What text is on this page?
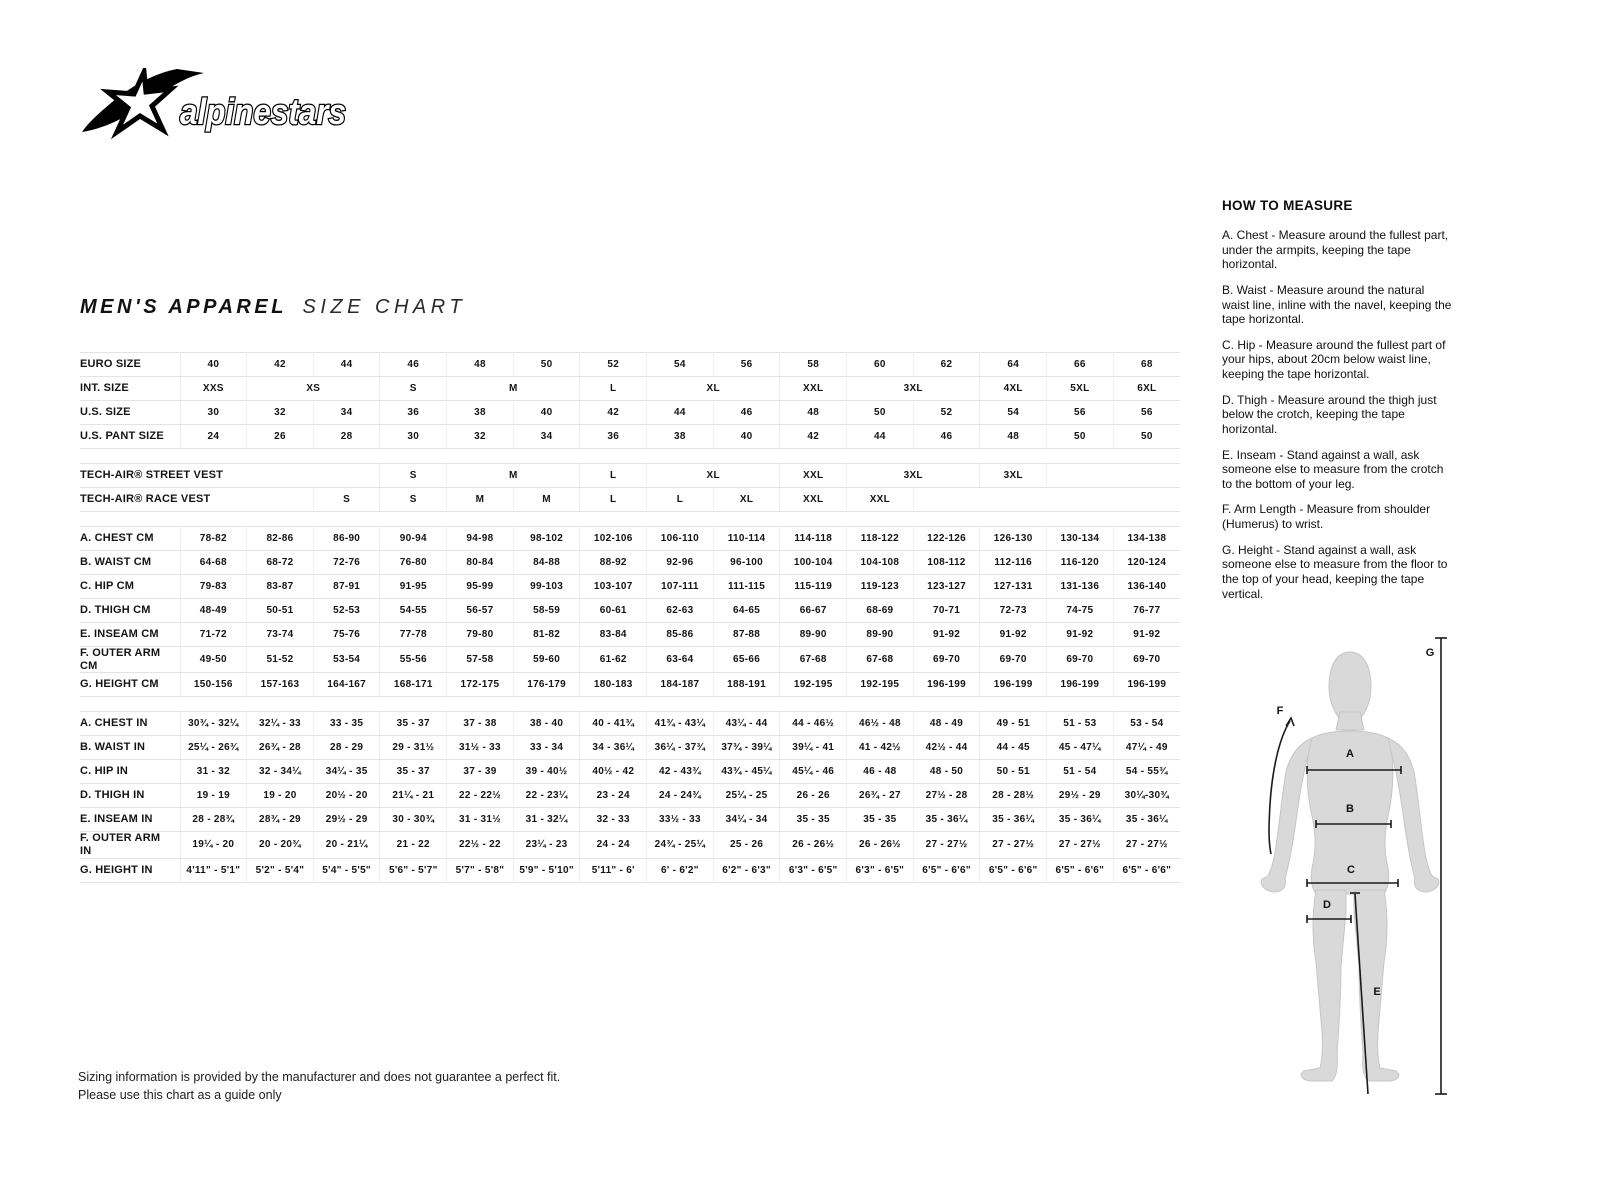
alpinestars
MEN'S APPAREL SIZE CHART
EURO SIZE	40	42	44	46	48	50	52	54	56	58	60	62	64	66	68
INT. SIZE	XXS	XS		S	M		L	XL		XXL	3XL		4XL	5XL	6XL
U.S. SIZE	30	32	34	36	38	40	42	44	46	48	50	52	54	56	56
U.S. PANT SIZE	24	26	28	30	32	34	36	38	40	42	44	46	48	50	50

TECH-AIR® STREET VEST				S	M		L	XL		XXL	3XL		3XL		
TECH-AIR® RACE VEST			S	S	M	M	L	L	XL	XXL	XXL				

A. CHEST CM	78-82	82-86	86-90	90-94	94-98	98-102	102-106	106-110	110-114	114-118	118-122	122-126	126-130	130-134	134-138
B. WAIST CM	64-68	68-72	72-76	76-80	80-84	84-88	88-92	92-96	96-100	100-104	104-108	108-112	112-116	116-120	120-124
C. HIP CM	79-83	83-87	87-91	91-95	95-99	99-103	103-107	107-111	111-115	115-119	119-123	123-127	127-131	131-136	136-140
D. THIGH CM	48-49	50-51	52-53	54-55	56-57	58-59	60-61	62-63	64-65	66-67	68-69	70-71	72-73	74-75	76-77
E. INSEAM CM	71-72	73-74	75-76	77-78	79-80	81-82	83-84	85-86	87-88	89-90	89-90	91-92	91-92	91-92	91-92
F. OUTER ARM CM	49-50	51-52	53-54	55-56	57-58	59-60	61-62	63-64	65-66	67-68	67-68	69-70	69-70	69-70	69-70
G. HEIGHT CM	150-156	157-163	164-167	168-171	172-175	176-179	180-183	184-187	188-191	192-195	192-195	196-199	196-199	196-199	196-199

A. CHEST IN	30¾ - 32¼	32¼ - 33	33 - 35	35 - 37	37 - 38	38 - 40	40 - 41¾	41¾ - 43¼	43¼ - 44	44 - 46½	46½ - 48	48 - 49	49 - 51	51 - 53	53 - 54
B. WAIST IN	25¼ - 26¾	26¾ - 28	28 - 29	29 - 31½	31½ - 33	33 - 34	34 - 36¼	36¼ - 37¾	37¾ - 39¼	39¼ - 41	41 - 42½	42½ - 44	44 - 45	45 - 47¼	47¼ - 49
C. HIP IN	31 - 32	32 - 34¼	34¼ - 35	35 - 37	37 - 39	39 - 40½	40½ - 42	42 - 43¾	43¾ - 45¼	45¼ - 46	46 - 48	48 - 50	50 - 51	51 - 54	54 - 55¾
D. THIGH IN	19 - 19	19 - 20	20½ - 20	21¼ - 21	22 - 22½	22 - 23¼	23 - 24	24 - 24¾	25¼ - 25	26 - 26	26¾ - 27	27½ - 28	28 - 28½	29½ - 29	30¼-30¾
E. INSEAM IN	28 - 28¾	28¾ - 29	29½ - 29	30 - 30¾	31 - 31½	31 - 32¼	32 - 33	33½ - 33	34¼ - 34	35 - 35	35 - 35	35 - 36¼	35 - 36¼	35 - 36¼	35 - 36¼
F. OUTER ARM IN	19¼ - 20	20 - 20¾	20 - 21¼	21 - 22	22½ - 22	23¼ - 23	24 - 24	24¾ - 25¼	25 - 26	26 - 26½	26 - 26½	27 - 27½	27 - 27½	27 - 27½	27 - 27½
G. HEIGHT IN	4'11" - 5'1"	5'2" - 5'4"	5'4" - 5'5"	5'6" - 5'7"	5'7" - 5'8"	5'9" - 5'10"	5'11" - 6'	6' - 6'2"	6'2" - 6'3"	6'3" - 6'5"	6'3" - 6'5"	6'5" - 6'6"	6'5" - 6'6"	6'5" - 6'6"	6'5" - 6'6"
HOW TO MEASURE

A. Chest - Measure around the fullest part, under the armpits, keeping the tape horizontal.

B. Waist - Measure around the natural waist line, inline with the navel, keeping the tape horizontal.

C. Hip - Measure around the fullest part of your hips, about 20cm below waist line, keeping the tape horizontal.

D. Thigh - Measure around the thigh just below the crotch, keeping the tape horizontal.

E. Inseam - Stand against a wall, ask someone else to measure from the crotch to the bottom of your leg.

F. Arm Length - Measure from shoulder (Humerus) to wrist.

G. Height - Stand against a wall, ask someone else to measure from the floor to the top of your head, keeping the tape vertical.

A
B
C
D
E
F
G
Sizing information is provided by the manufacturer and does not guarantee a perfect fit.
Please use this chart as a guide only
